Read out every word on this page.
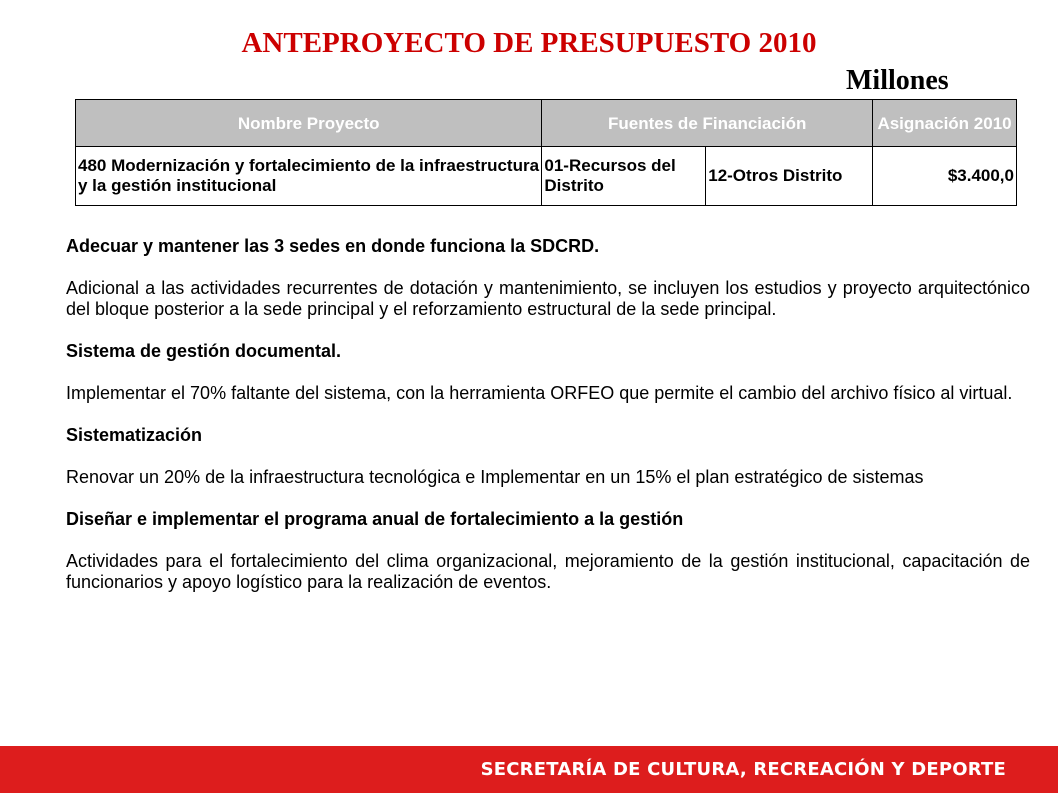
ANTEPROYECTO DE PRESUPUESTO 2010
Millones
Nombre Proyecto	Fuentes de Financiación		Asignación 2010
480 Modernización y fortalecimiento de la infraestructura y la gestión institucional	01-Recursos del Distrito	12-Otros Distrito	$3.400,0

Adecuar y mantener las 3 sedes en donde funciona la SDCRD.

Adicional a las actividades recurrentes de dotación y mantenimiento, se incluyen los estudios y proyecto arquitectónico del bloque posterior a la sede principal y el reforzamiento estructural de la sede principal.

Sistema de gestión documental.

Implementar el 70% faltante del sistema, con la herramienta ORFEO que permite el cambio del archivo físico al virtual.

Sistematización

Renovar un 20% de la infraestructura tecnológica e Implementar en un 15% el plan estratégico de sistemas

Diseñar e implementar el programa anual de fortalecimiento a la gestión

Actividades para el fortalecimiento del clima organizacional, mejoramiento de la gestión institucional, capacitación de funcionarios y apoyo logístico para la realización de eventos.

SECRETARÍA DE CULTURA, RECREACIÓN Y DEPORTE
